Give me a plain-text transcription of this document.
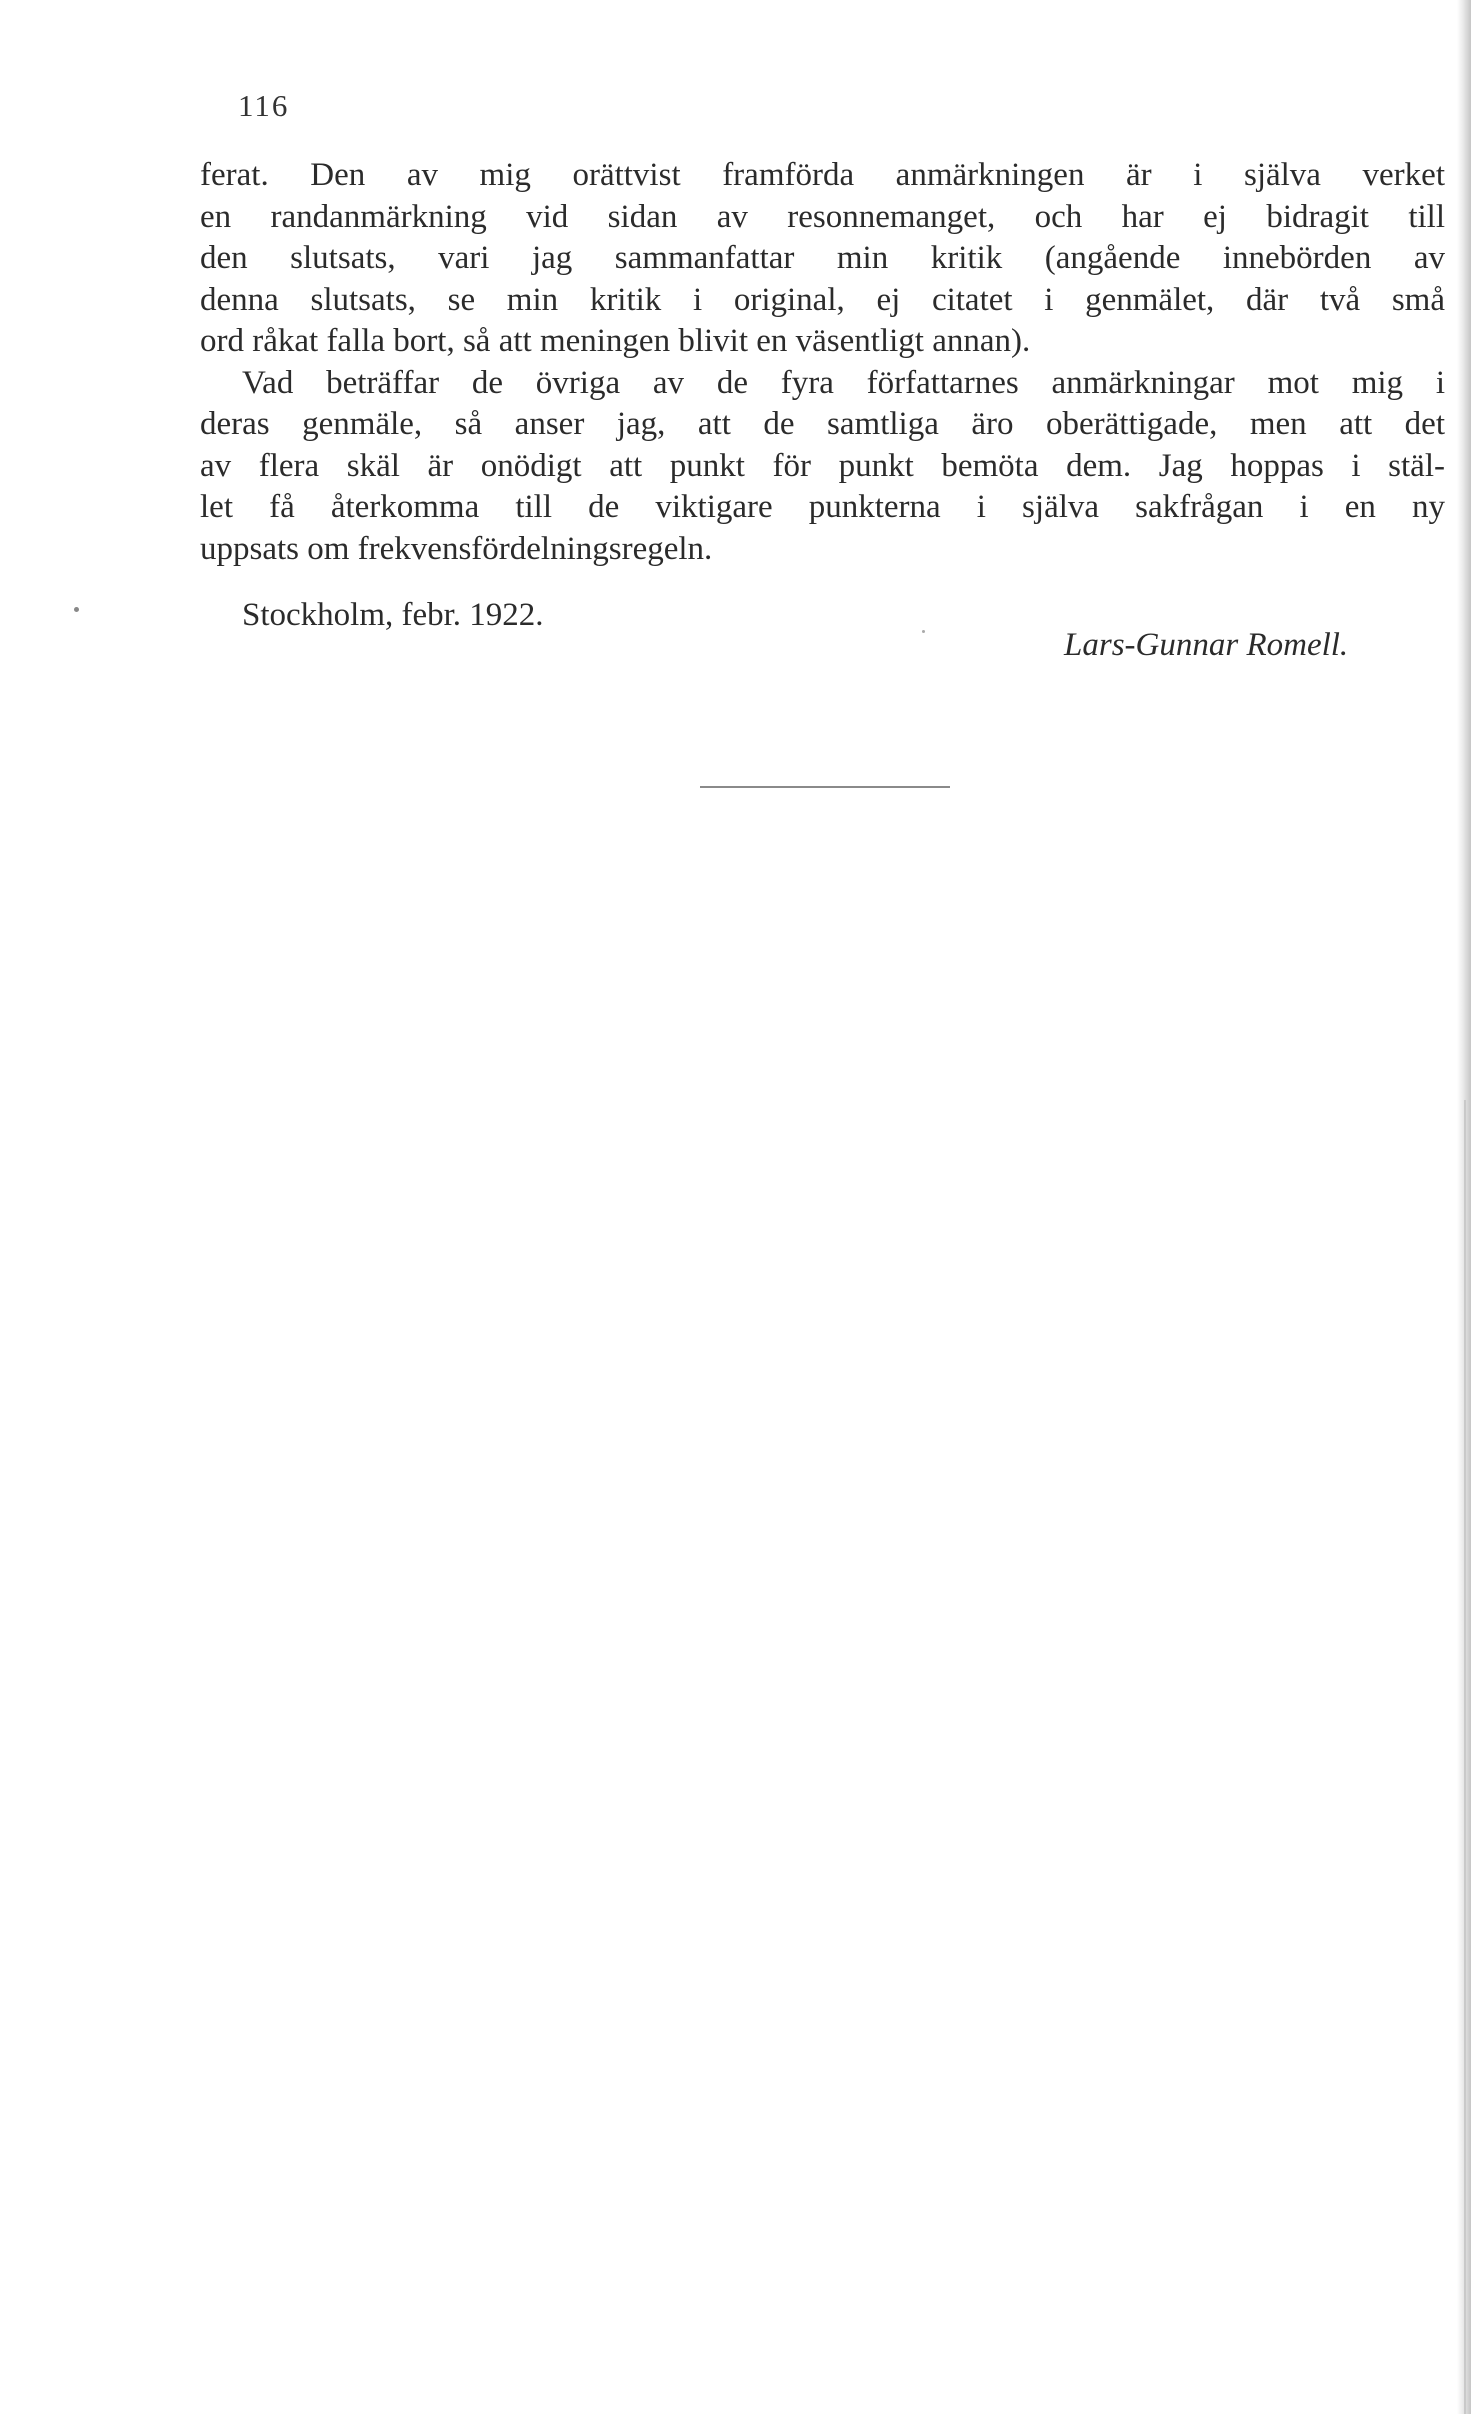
116
ferat. Den av mig orättvist framförda anmärkningen är i själva verket
en randanmärkning vid sidan av resonnemanget, och har ej bidragit till
den slutsats, vari jag sammanfattar min kritik (angående innebörden av
denna slutsats, se min kritik i original, ej citatet i genmälet, där två små
ord råkat falla bort, så att meningen blivit en väsentligt annan).
Vad beträffar de övriga av de fyra författarnes anmärkningar mot mig i
deras genmäle, så anser jag, att de samtliga äro oberättigade, men att det
av flera skäl är onödigt att punkt för punkt bemöta dem. Jag hoppas i stäl-
let få återkomma till de viktigare punkterna i själva sakfrågan i en ny
uppsats om frekvensfördelningsregeln.
Stockholm, febr. 1922.
Lars-Gunnar Romell.
